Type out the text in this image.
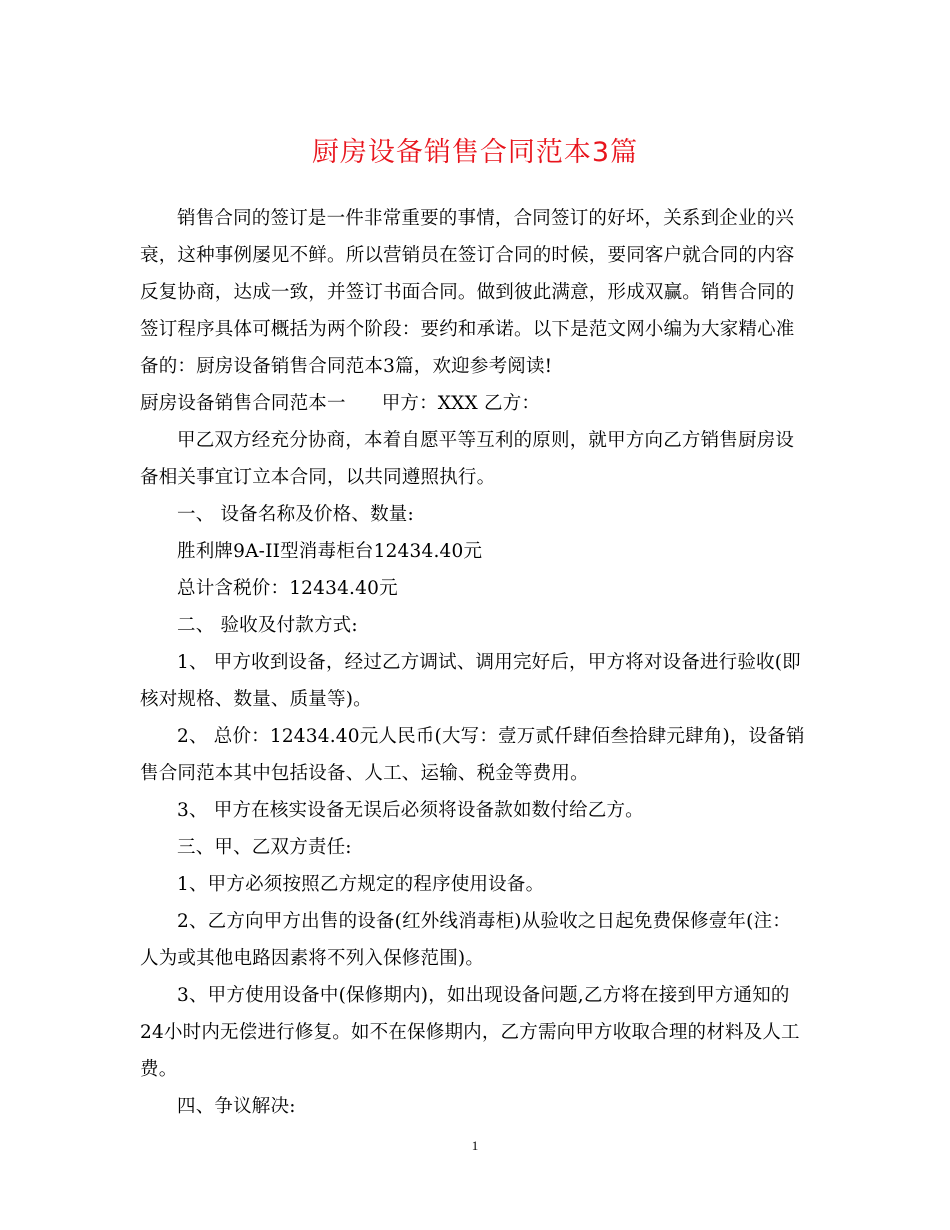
厨房设备销售合同范本3篇

销售合同的签订是一件非常重要的事情，合同签订的好坏，关系到企业的兴衰，这种事例屡见不鲜。所以营销员在签订合同的时候，要同客户就合同的内容反复协商，达成一致，并签订书面合同。做到彼此满意，形成双赢。销售合同的签订程序具体可概括为两个阶段：要约和承诺。以下是范文网小编为大家精心准备的：厨房设备销售合同范本3篇，欢迎参考阅读!

厨房设备销售合同范本一 甲方：XXX 乙方：

甲乙双方经充分协商，本着自愿平等互利的原则，就甲方向乙方销售厨房设备相关事宜订立本合同，以共同遵照执行。

一、 设备名称及价格、数量:

胜利牌9A-II型消毒柜台12434.40元

总计含税价：12434.40元

二、 验收及付款方式:

1、 甲方收到设备，经过乙方调试、调用完好后，甲方将对设备进行验收(即核对规格、数量、质量等)。

2、 总价：12434.40元人民币(大写：壹万贰仟肆佰叁拾肆元肆角)，设备销售合同范本其中包括设备、人工、运输、税金等费用。

3、 甲方在核实设备无误后必须将设备款如数付给乙方。

三、甲、乙双方责任:

1、甲方必须按照乙方规定的程序使用设备。

2、乙方向甲方出售的设备(红外线消毒柜)从验收之日起免费保修壹年(注：人为或其他电路因素将不列入保修范围)。

3、甲方使用设备中(保修期内)，如出现设备问题,乙方将在接到甲方通知的24小时内无偿进行修复。如不在保修期内，乙方需向甲方收取合理的材料及人工费。

四、争议解决:

1
